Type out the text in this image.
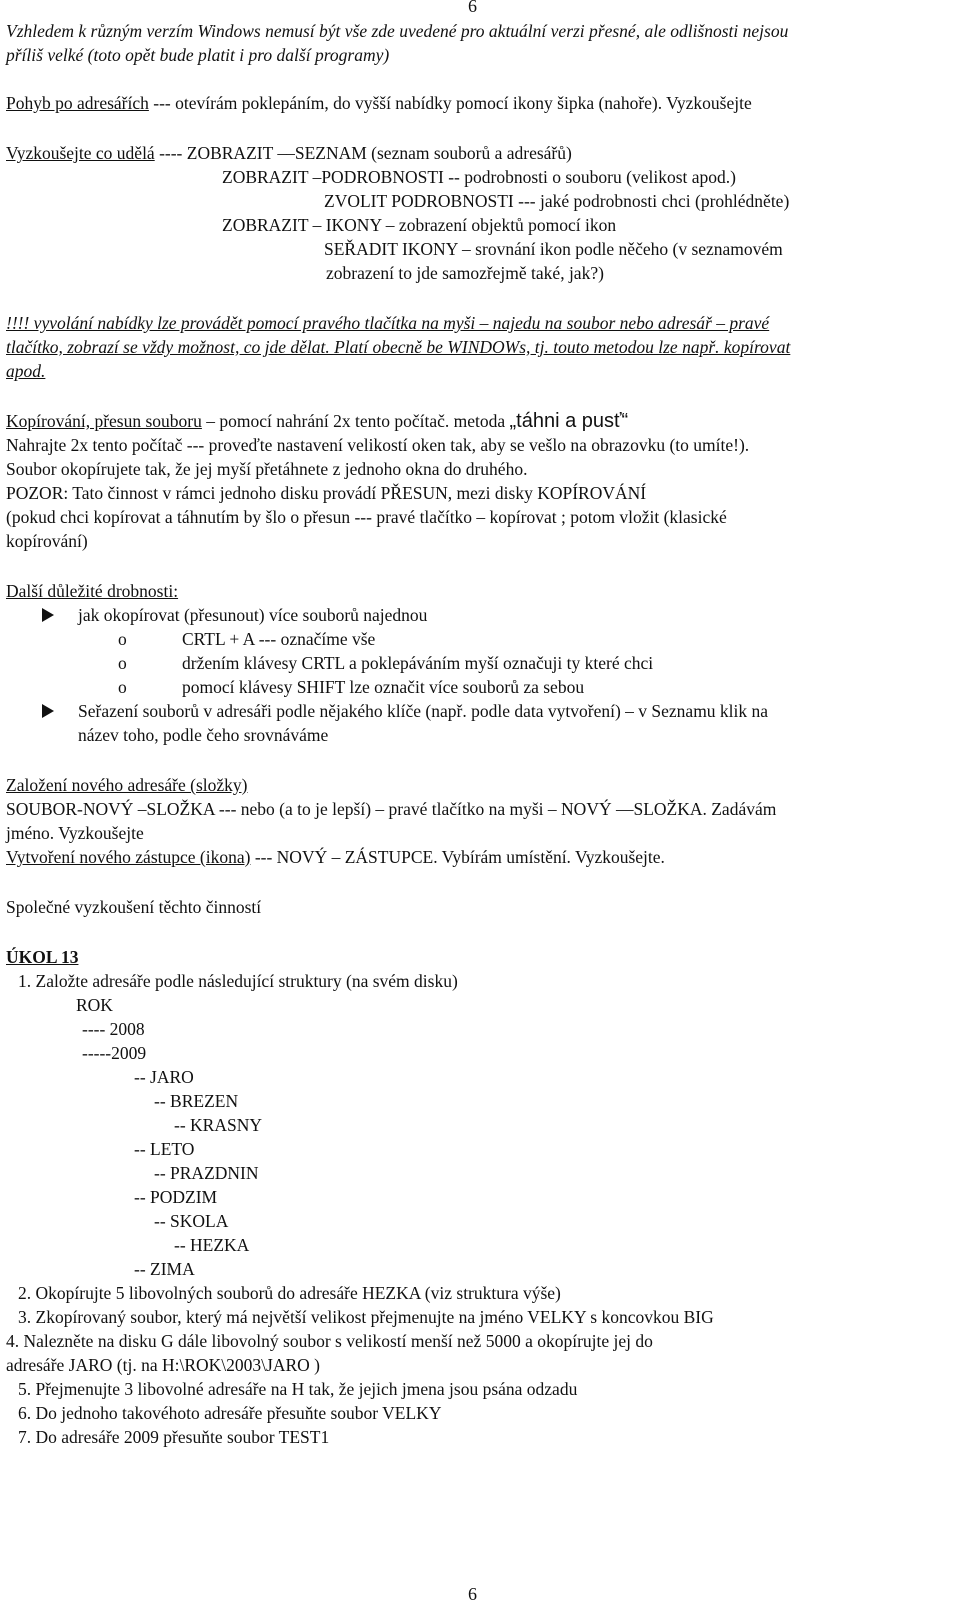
6
Vzhledem k různým verzím Windows nemusí být vše zde uvedené pro aktuální verzi přesné, ale odlišnosti nejsou
příliš velké (toto opět bude platit i pro další programy)
Pohyb po adresářích --- otevírám poklepáním, do vyšší nabídky pomocí ikony šipka (nahoře). Vyzkoušejte
Vyzkoušejte co udělá ---- ZOBRAZIT ––SEZNAM (seznam souborů a adresářů)
ZOBRAZIT –PODROBNOSTI -- podrobnosti o souboru (velikost apod.)
ZVOLIT PODROBNOSTI --- jaké podrobnosti chci (prohlédněte)
ZOBRAZIT – IKONY – zobrazení objektů pomocí ikon
SEŘADIT IKONY – srovnání ikon podle něčeho (v seznamovém
zobrazení to jde samozřejmě také, jak?)
!!!! vyvolání nabídky lze provádět pomocí pravého tlačítka na myši – najedu na soubor nebo adresář – pravé
tlačítko, zobrazí se vždy možnost, co jde dělat. Platí obecně be WINDOWs, tj. touto metodou lze např. kopírovat
apod.
Kopírování, přesun souboru – pomocí nahrání 2x tento počítač. metoda „táhni a pusť“
Nahrajte 2x tento počítač --- proveďte nastavení velikostí oken tak, aby se vešlo na obrazovku (to umíte!).
Soubor okopírujete tak, že jej myší přetáhnete z jednoho okna do druhého.
POZOR: Tato činnost v rámci jednoho disku provádí PŘESUN, mezi disky KOPÍROVÁNÍ
(pokud chci kopírovat a táhnutím by šlo o přesun --- pravé tlačítko – kopírovat ; potom vložit (klasické
kopírování)
Další důležité drobnosti:
jak okopírovat (přesunout) více souborů najednou
o	CRTL + A --- označíme vše
o	držením klávesy CRTL a poklepáváním myší označuji ty které chci
o	pomocí klávesy SHIFT lze označit více souborů za sebou
Seřazení souborů v adresáři podle nějakého klíče (např. podle data vytvoření) – v Seznamu klik na
název toho, podle čeho srovnáváme
Založení nového adresáře (složky)
SOUBOR-NOVÝ –SLOŽKA --- nebo (a to je lepší) – pravé tlačítko na myši – NOVÝ ––SLOŽKA. Zadávám
jméno. Vyzkoušejte
Vytvoření nového zástupce (ikona) --- NOVÝ – ZÁSTUPCE. Vybírám umístění. Vyzkoušejte.
Společné vyzkoušení těchto činností
ÚKOL 13
1. Založte adresáře podle následující struktury (na svém disku)
ROK
---- 2008
-----2009
-- JARO
-- BREZEN
-- KRASNY
-- LETO
-- PRAZDNIN
-- PODZIM
-- SKOLA
-- HEZKA
-- ZIMA
2. Okopírujte 5 libovolných souborů do adresáře HEZKA (viz struktura výše)
3. Zkopírovaný soubor, který má největší velikost přejmenujte na jméno VELKY s koncovkou BIG
4. Nalezněte na disku G dále libovolný soubor s velikostí menší než 5000 a okopírujte jej do
adresáře JARO (tj. na H:\ROK\2003\JARO )
5. Přejmenujte 3 libovolné adresáře na H tak, že jejich jmena jsou psána odzadu
6. Do jednoho takovéhoto adresáře přesuňte soubor VELKY
7. Do adresáře 2009 přesuňte soubor TEST1
6
